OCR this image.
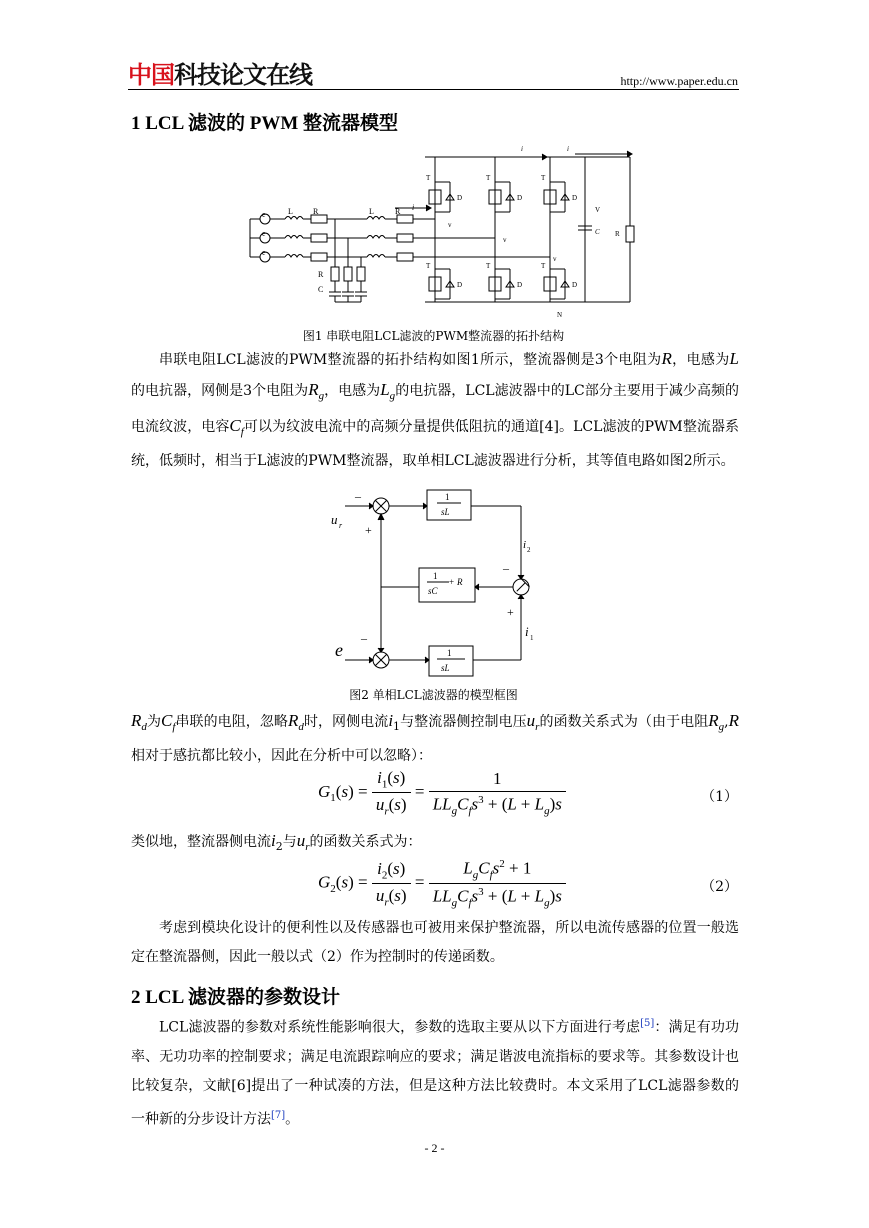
中国科技论文在线	http://www.paper.edu.cn
1 LCL 滤波的 PWM 整流器模型
e
e
e
L	R	L	R i
R
C
T	T	T
D	D	D
T	T	T
D	D	D
v
v
v
i	i
V
C R
N
图1 串联电阻LCL滤波的PWM整流器的拓扑结构

串联电阻LCL滤波的PWM整流器的拓扑结构如图1所示，整流器侧是3个电阻为R，电感为L的电抗器，网侧是3个电阻为$R_g$，电感为$L_g$的电抗器，LCL滤波器中的LC部分主要用于减少高频的电流纹波，电容$C_f$可以为纹波电流中的高频分量提供低阻抗的通道[4]。LCL滤波的PWM整流器系统，低频时，相当于L滤波的PWM整流器，取单相LCL滤波器进行分析，其等值电路如图2所示。

–
+
u r
1
sL
i 2
–
+
i 1
1
sC
+ R
–
e	1
sL
图2 单相LCL滤波器的模型框图

$R_d$为$C_f$串联的电阻，忽略$R_d$时，网侧电流$i_1$与整流器侧控制电压$u_r$的函数关系式为（由于电阻$R_g,R$相对于感抗都比较小，因此在分析中可以忽略）：

$G_1(s) = \frac{i_1(s)}{u_r(s)} = \frac{1}{LL_gC_fs^3 + (L + L_g)s}$	（1）

类似地，整流器侧电流$i_2$与$u_r$的函数关系式为：

$G_2(s) = \frac{i_2(s)}{u_r(s)} = \frac{L_gC_fs^2 + 1}{LL_gC_fs^3 + (L + L_g)s}$	（2）

考虑到模块化设计的便利性以及传感器也可被用来保护整流器，所以电流传感器的位置一般选定在整流器侧，因此一般以式（2）作为控制时的传递函数。

2 LCL 滤波器的参数设计

LCL滤波器的参数对系统性能影响很大，参数的选取主要从以下方面进行考虑[5]：满足有功功率、无功功率的控制要求；满足电流跟踪响应的要求；满足谐波电流指标的要求等。其参数设计也比较复杂，文献[6]提出了一种试凑的方法，但是这种方法比较费时。本文采用了LCL滤器参数的一种新的分步设计方法[7]。

- 2 -
